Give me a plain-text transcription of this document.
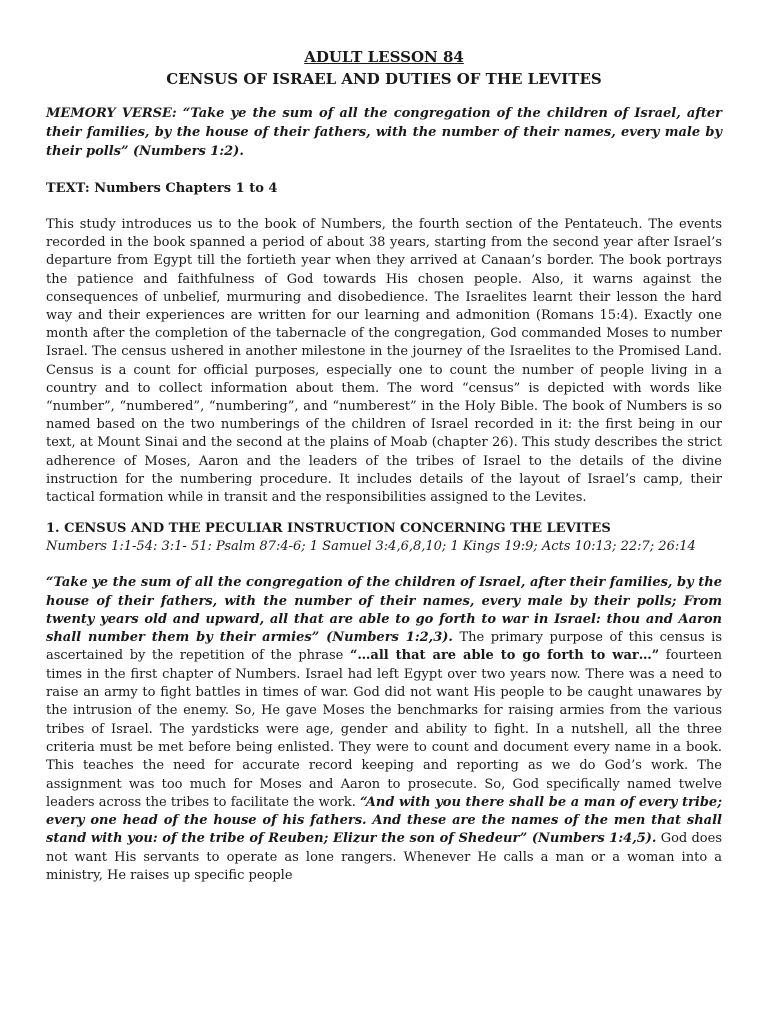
ADULT LESSON 84
CENSUS OF ISRAEL AND DUTIES OF THE LEVITES
MEMORY VERSE: “Take ye the sum of all the congregation of the children of Israel, after their families, by the house of their fathers, with the number of their names, every male by their polls” (Numbers 1:2).
TEXT: Numbers Chapters 1 to 4
This study introduces us to the book of Numbers, the fourth section of the Pentateuch. The events recorded in the book spanned a period of about 38 years, starting from the second year after Israel’s departure from Egypt till the fortieth year when they arrived at Canaan’s border. The book portrays the patience and faithfulness of God towards His chosen people. Also, it warns against the consequences of unbelief, murmuring and disobedience. The Israelites learnt their lesson the hard way and their experiences are written for our learning and admonition (Romans 15:4). Exactly one month after the completion of the tabernacle of the congregation, God commanded Moses to number Israel. The census ushered in another milestone in the journey of the Israelites to the Promised Land. Census is a count for official purposes, especially one to count the number of people living in a country and to collect information about them. The word “census” is depicted with words like “number”, “numbered”, “numbering”, and “numberest” in the Holy Bible. The book of Numbers is so named based on the two numberings of the children of Israel recorded in it: the first being in our text, at Mount Sinai and the second at the plains of Moab (chapter 26). This study describes the strict adherence of Moses, Aaron and the leaders of the tribes of Israel to the details of the divine instruction for the numbering procedure. It includes details of the layout of Israel’s camp, their tactical formation while in transit and the responsibilities assigned to the Levites.
1. CENSUS AND THE PECULIAR INSTRUCTION CONCERNING THE LEVITES
Numbers 1:1-54: 3:1- 51: Psalm 87:4-6; 1 Samuel 3:4,6,8,10; 1 Kings 19:9; Acts 10:13; 22:7; 26:14
“Take ye the sum of all the congregation of the children of Israel, after their families, by the house of their fathers, with the number of their names, every male by their polls; From twenty years old and upward, all that are able to go forth to war in Israel: thou and Aaron shall number them by their armies” (Numbers 1:2,3). The primary purpose of this census is ascertained by the repetition of the phrase “…all that are able to go forth to war…” fourteen times in the first chapter of Numbers. Israel had left Egypt over two years now. There was a need to raise an army to fight battles in times of war. God did not want His people to be caught unawares by the intrusion of the enemy. So, He gave Moses the benchmarks for raising armies from the various tribes of Israel. The yardsticks were age, gender and ability to fight. In a nutshell, all the three criteria must be met before being enlisted. They were to count and document every name in a book. This teaches the need for accurate record keeping and reporting as we do God’s work. The assignment was too much for Moses and Aaron to prosecute. So, God specifically named twelve leaders across the tribes to facilitate the work. “And with you there shall be a man of every tribe; every one head of the house of his fathers. And these are the names of the men that shall stand with you: of the tribe of Reuben; Elizur the son of Shedeur” (Numbers 1:4,5). God does not want His servants to operate as lone rangers. Whenever He calls a man or a woman into a ministry, He raises up specific people
